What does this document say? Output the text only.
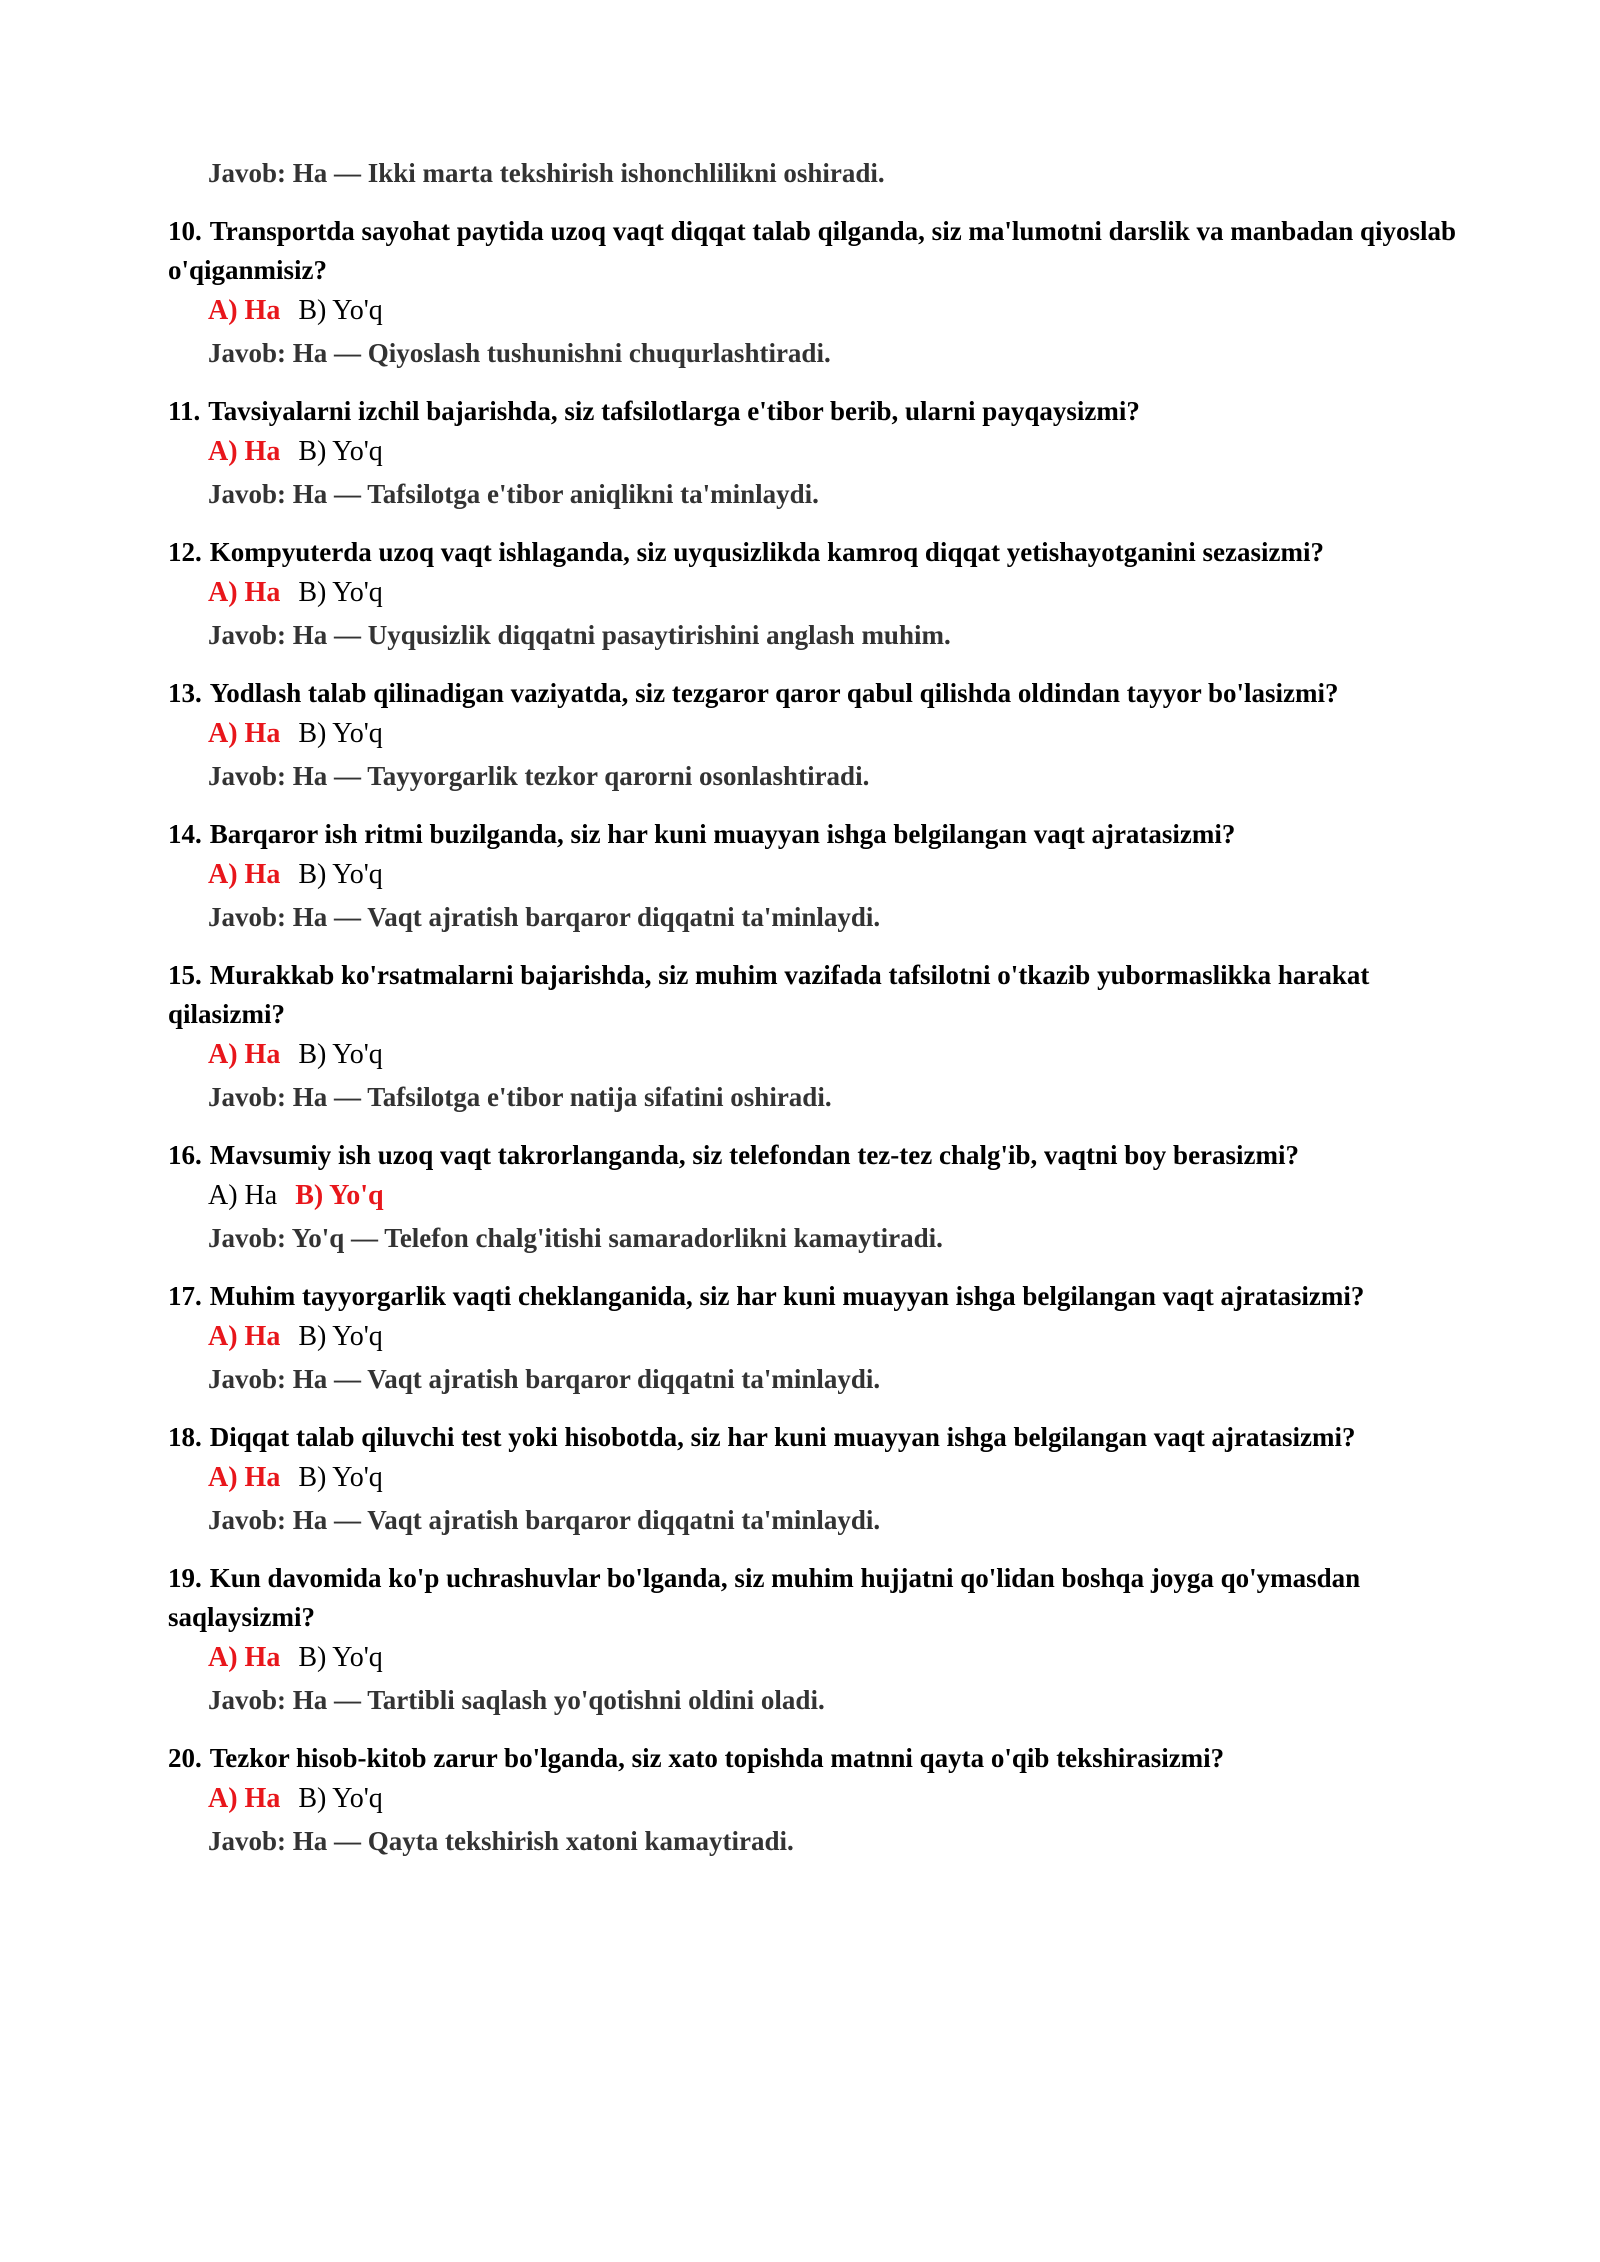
Javob: Ha — Ikki marta tekshirish ishonchlilikni oshiradi.
10. Transportda sayohat paytida uzoq vaqt diqqat talab qilganda, siz ma'lumotni darslik va manbadan qiyoslab o'qiganmisiz?
A) Ha B) Yo'q
Javob: Ha — Qiyoslash tushunishni chuqurlashtiradi.
11. Tavsiyalarni izchil bajarishda, siz tafsilotlarga e'tibor berib, ularni payqaysizmi?
A) Ha B) Yo'q
Javob: Ha — Tafsilotga e'tibor aniqlikni ta'minlaydi.
12. Kompyuterda uzoq vaqt ishlaganda, siz uyqusizlikda kamroq diqqat yetishayotganini sezasizmi?
A) Ha B) Yo'q
Javob: Ha — Uyqusizlik diqqatni pasaytirishini anglash muhim.
13. Yodlash talab qilinadigan vaziyatda, siz tezgaror qaror qabul qilishda oldindan tayyor bo'lasizmi?
A) Ha B) Yo'q
Javob: Ha — Tayyorgarlik tezkor qarorni osonlashtiradi.
14. Barqaror ish ritmi buzilganda, siz har kuni muayyan ishga belgilangan vaqt ajratasizmi?
A) Ha B) Yo'q
Javob: Ha — Vaqt ajratish barqaror diqqatni ta'minlaydi.
15. Murakkab ko'rsatmalarni bajarishda, siz muhim vazifada tafsilotni o'tkazib yubormaslikka harakat qilasizmi?
A) Ha B) Yo'q
Javob: Ha — Tafsilotga e'tibor natija sifatini oshiradi.
16. Mavsumiy ish uzoq vaqt takrorlanganda, siz telefondan tez-tez chalg'ib, vaqtni boy berasizmi?
A) Ha B) Yo'q
Javob: Yo'q — Telefon chalg'itishi samaradorlikni kamaytiradi.
17. Muhim tayyorgarlik vaqti cheklanganida, siz har kuni muayyan ishga belgilangan vaqt ajratasizmi?
A) Ha B) Yo'q
Javob: Ha — Vaqt ajratish barqaror diqqatni ta'minlaydi.
18. Diqqat talab qiluvchi test yoki hisobotda, siz har kuni muayyan ishga belgilangan vaqt ajratasizmi?
A) Ha B) Yo'q
Javob: Ha — Vaqt ajratish barqaror diqqatni ta'minlaydi.
19. Kun davomida ko'p uchrashuvlar bo'lganda, siz muhim hujjatni qo'lidan boshqa joyga qo'ymasdan saqlaysizmi?
A) Ha B) Yo'q
Javob: Ha — Tartibli saqlash yo'qotishni oldini oladi.
20. Tezkor hisob-kitob zarur bo'lganda, siz xato topishda matnni qayta o'qib tekshirasizmi?
A) Ha B) Yo'q
Javob: Ha — Qayta tekshirish xatoni kamaytiradi.
